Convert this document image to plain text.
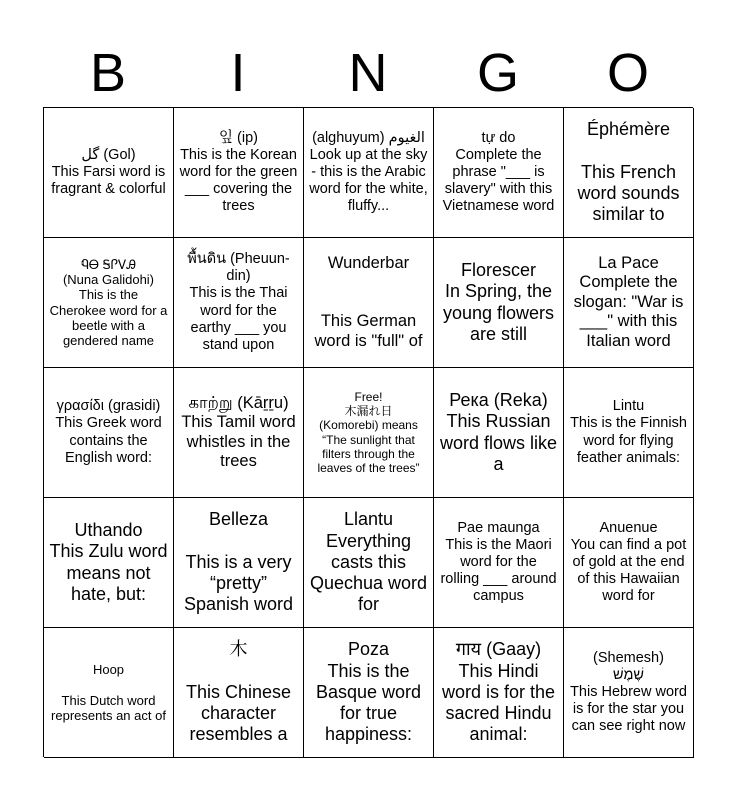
B	I	N	G	O
گل (Gol)
This Farsi word is fragrant & colorful
잎 (ip)
This is the Korean word for the green ___ covering the trees
(alghuyum) الغيوم
Look up at the sky - this is the Arabic word for the white, fluffy...
tự do
Complete the phrase "___ is slavery" with this Vietnamese word
Éphémère

This French word sounds similar to
ᏄᎾ ᎦᎵᏙᎯ
(Nuna Galidohi)
This is the Cherokee word for a beetle with a gendered name
พื้นดิน (Pheuun-din)
This is the Thai word for the earthy ___ you stand upon
Wunderbar

This German word is "full" of
Florescer
In Spring, the young flowers are still
La Pace
Complete the slogan: "War is ___" with this Italian word
γρασίδι (grasidi)
This Greek word contains the English word:
காற்று (Kāṟṟu)
This Tamil word whistles in the trees
Free!
木漏れ日
(Komorebi) means “The sunlight that filters through the leaves of the trees”
Река (Reka)
This Russian word flows like a
Lintu
This is the Finnish word for flying feather animals:
Uthando
This Zulu word means not hate, but:
Belleza

This is a very “pretty” Spanish word
Llantu
Everything casts this Quechua word for
Pae maunga
This is the Maori word for the rolling ___ around campus
Anuenue
You can find a pot of gold at the end of this Hawaiian word for
Hoop

This Dutch word represents an act of
木

This Chinese character resembles a
Poza
This is the Basque word for true happiness:
गाय (Gaay)
This Hindi word is for the sacred Hindu animal:
(Shemesh)
שֶׁמֶשׁ
This Hebrew word is for the star you can see right now
